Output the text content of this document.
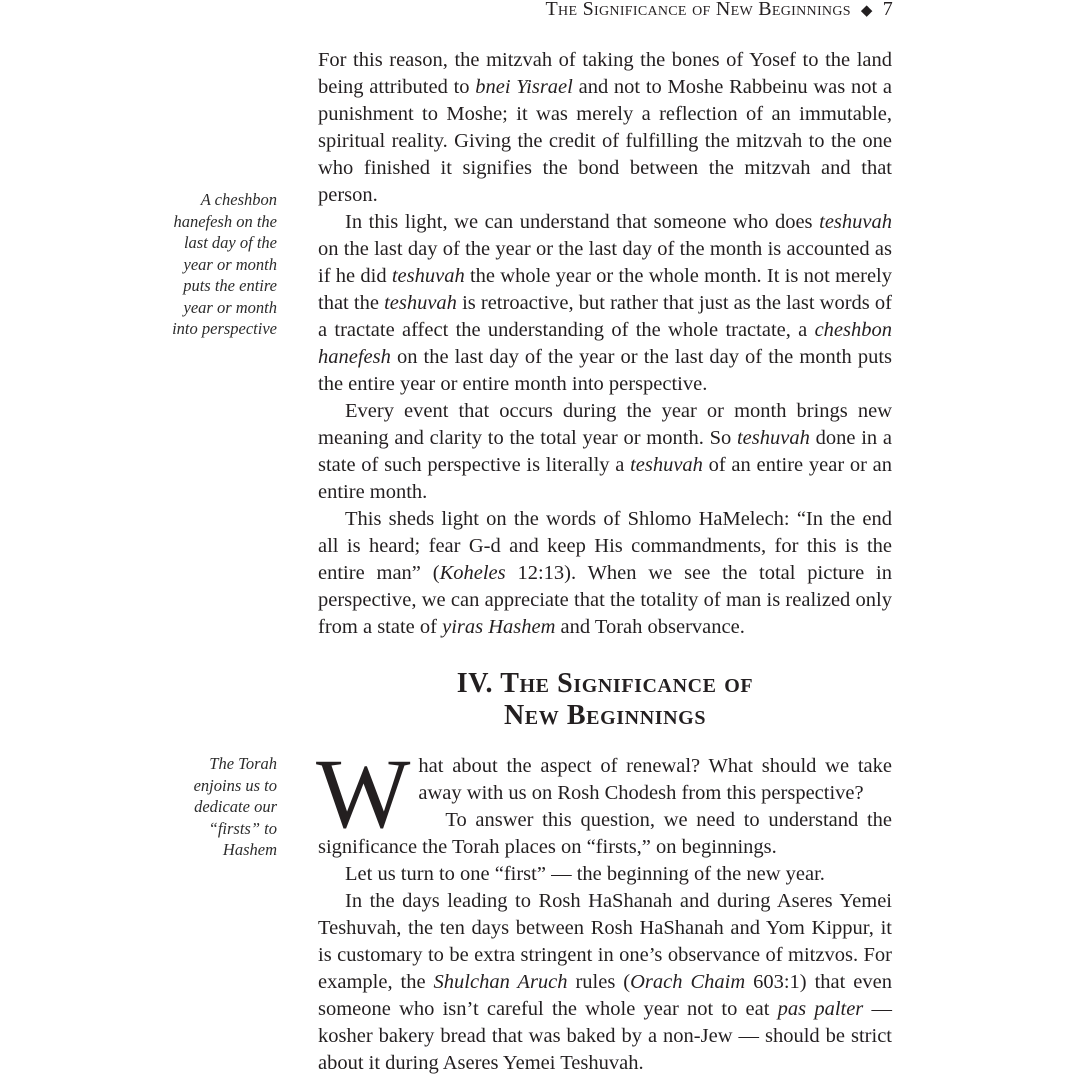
The Significance of New Beginnings ◆ 7
A cheshbon hanefesh on the last day of the year or month puts the entire year or month into perspective
The Torah enjoins us to dedicate our “firsts” to Hashem

For this reason, the mitzvah of taking the bones of Yosef to the land being attributed to bnei Yisrael and not to Moshe Rabbeinu was not a punishment to Moshe; it was merely a reflection of an immutable, spiritual reality. Giving the credit of fulfilling the mitzvah to the one who finished it signifies the bond between the mitzvah and that person.

In this light, we can understand that someone who does teshuvah on the last day of the year or the last day of the month is accounted as if he did teshuvah the whole year or the whole month. It is not merely that the teshuvah is retroactive, but rather that just as the last words of a tractate affect the understanding of the whole tractate, a cheshbon hanefesh on the last day of the year or the last day of the month puts the entire year or entire month into perspective.

Every event that occurs during the year or month brings new meaning and clarity to the total year or month. So teshuvah done in a state of such perspective is literally a teshuvah of an entire year or an entire month.

This sheds light on the words of Shlomo HaMelech: “In the end all is heard; fear G-d and keep His commandments, for this is the entire man” (Koheles 12:13). When we see the total picture in perspective, we can appreciate that the totality of man is realized only from a state of yiras Hashem and Torah observance.

IV. The Significance of
New Beginnings

What about the aspect of renewal? What should we take away with us on Rosh Chodesh from this perspective?

To answer this question, we need to understand the significance the Torah places on “firsts,” on beginnings.

Let us turn to one “first” — the beginning of the new year.

In the days leading to Rosh HaShanah and during Aseres Yemei Teshuvah, the ten days between Rosh HaShanah and Yom Kippur, it is customary to be extra stringent in one’s observance of mitzvos. For example, the Shulchan Aruch rules (Orach Chaim 603:1) that even someone who isn’t careful the whole year not to eat pas palter — kosher bakery bread that was baked by a non-Jew — should be strict about it during Aseres Yemei Teshuvah.
